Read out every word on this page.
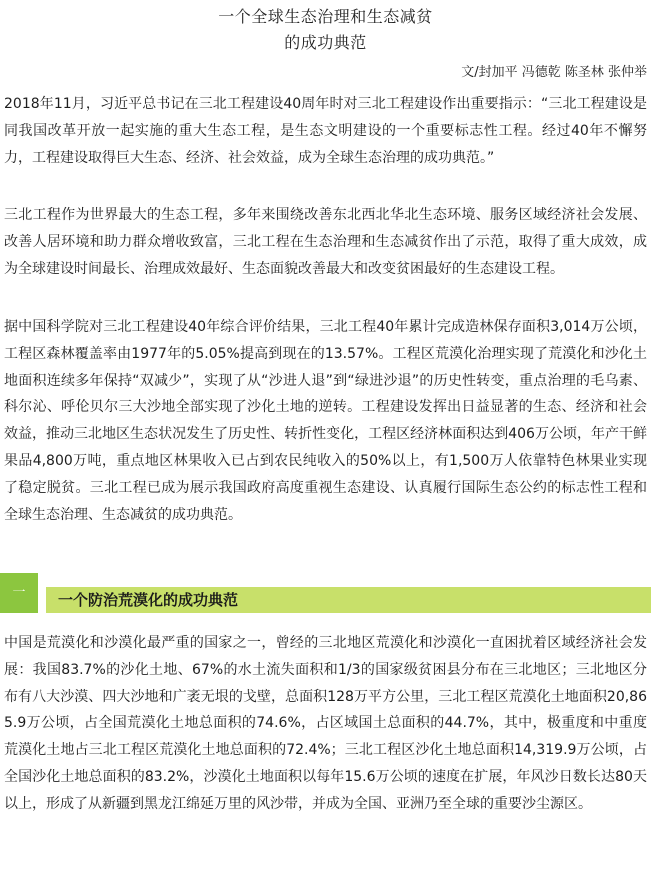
一个全球生态治理和生态减贫
的成功典范
文/封加平 冯德乾 陈圣林 张仲举

2018年11月，习近平总书记在三北工程建设40周年时对三北工程建设作出重要指示：“三北工程建设是同我国改革开放一起实施的重大生态工程，是生态文明建设的一个重要标志性工程。经过40年不懈努力，工程建设取得巨大生态、经济、社会效益，成为全球生态治理的成功典范。”

三北工程作为世界最大的生态工程，多年来围绕改善东北西北华北生态环境、服务区域经济社会发展、改善人居环境和助力群众增收致富，三北工程在生态治理和生态减贫作出了示范，取得了重大成效，成为全球建设时间最长、治理成效最好、生态面貌改善最大和改变贫困最好的生态建设工程。

据中国科学院对三北工程建设40年综合评价结果，三北工程40年累计完成造林保存面积3,014万公顷，工程区森林覆盖率由1977年的5.05%提高到现在的13.57%。工程区荒漠化治理实现了荒漠化和沙化土地面积连续多年保持“双减少”，实现了从“沙进人退”到“绿进沙退”的历史性转变，重点治理的毛乌素、科尔沁、呼伦贝尔三大沙地全部实现了沙化土地的逆转。工程建设发挥出日益显著的生态、经济和社会效益，推动三北地区生态状况发生了历史性、转折性变化，工程区经济林面积达到406万公顷，年产干鲜果品4,800万吨，重点地区林果收入已占到农民纯收入的50%以上，有1,500万人依靠特色林果业实现了稳定脱贫。三北工程已成为展示我国政府高度重视生态建设、认真履行国际生态公约的标志性工程和全球生态治理、生态减贫的成功典范。

一	一个防治荒漠化的成功典范

中国是荒漠化和沙漠化最严重的国家之一，曾经的三北地区荒漠化和沙漠化一直困扰着区域经济社会发展：我国83.7%的沙化土地、67%的水土流失面积和1/3的国家级贫困县分布在三北地区；三北地区分布有八大沙漠、四大沙地和广袤无垠的戈壁，总面积128万平方公里，三北工程区荒漠化土地面积20,865.9万公顷，占全国荒漠化土地总面积的74.6%，占区域国土总面积的44.7%，其中，极重度和中重度荒漠化土地占三北工程区荒漠化土地总面积的72.4%；三北工程区沙化土地总面积14,319.9万公顷，占全国沙化土地总面积的83.2%，沙漠化土地面积以每年15.6万公顷的速度在扩展，年风沙日数长达80天以上，形成了从新疆到黑龙江绵延万里的风沙带，并成为全国、亚洲乃至全球的重要沙尘源区。
